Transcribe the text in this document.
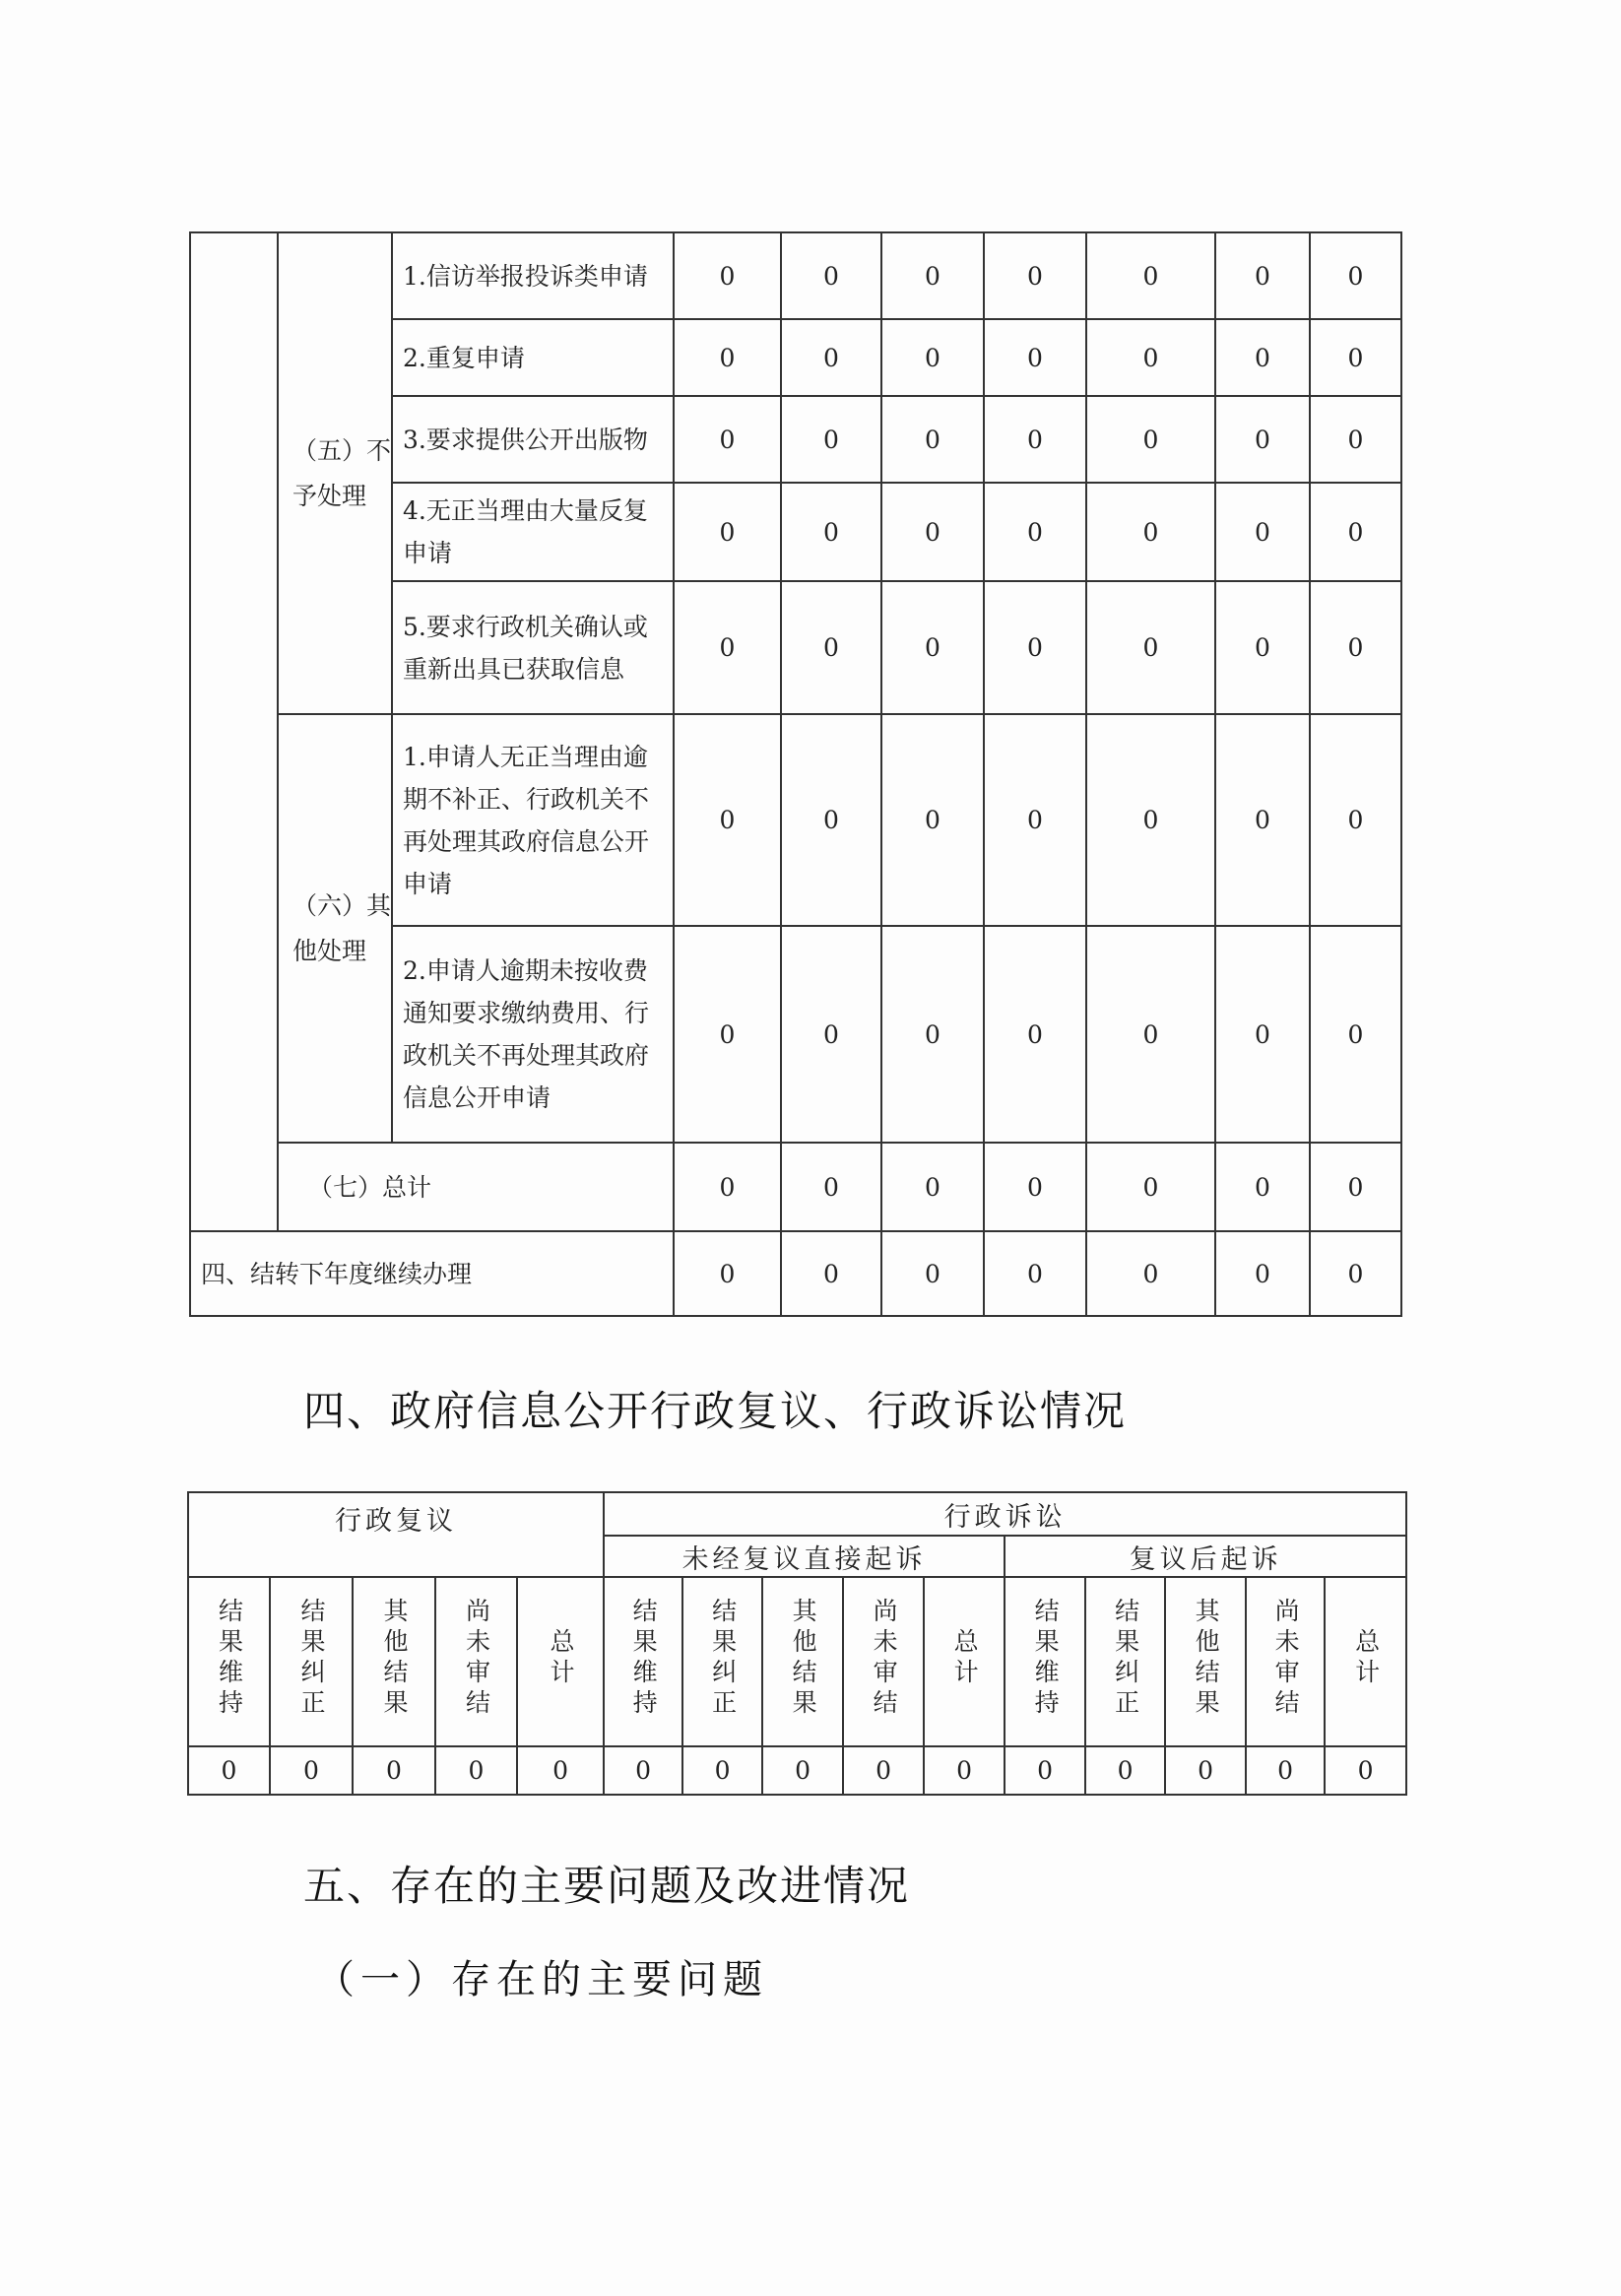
	（五）不予处理	1.信访举报投诉类申请	0	0	0	0	0	0	0
		2.重复申请	0	0	0	0	0	0	0
		3.要求提供公开出版物	0	0	0	0	0	0	0
		4.无正当理由大量反复申请	0	0	0	0	0	0	0
		5.要求行政机关确认或重新出具已获取信息	0	0	0	0	0	0	0
	（六）其他处理	1.申请人无正当理由逾期不补正、行政机关不再处理其政府信息公开申请	0	0	0	0	0	0	0
		2.申请人逾期未按收费通知要求缴纳费用、行政机关不再处理其政府信息公开申请	0	0	0	0	0	0	0
	（七）总计		0	0	0	0	0	0	0
四、结转下年度继续办理			0	0	0	0	0	0	0
四、政府信息公开行政复议、行政诉讼情况
行政复议					行政诉讼									
					未经复议直接起诉					复议后起诉				
结果维持	结果纠正	其他结果	尚未审结	总计	结果维持	结果纠正	其他结果	尚未审结	总计	结果维持	结果纠正	其他结果	尚未审结	总计
0	0	0	0	0	0	0	0	0	0	0	0	0	0	0
五、存在的主要问题及改进情况
（一）存在的主要问题
